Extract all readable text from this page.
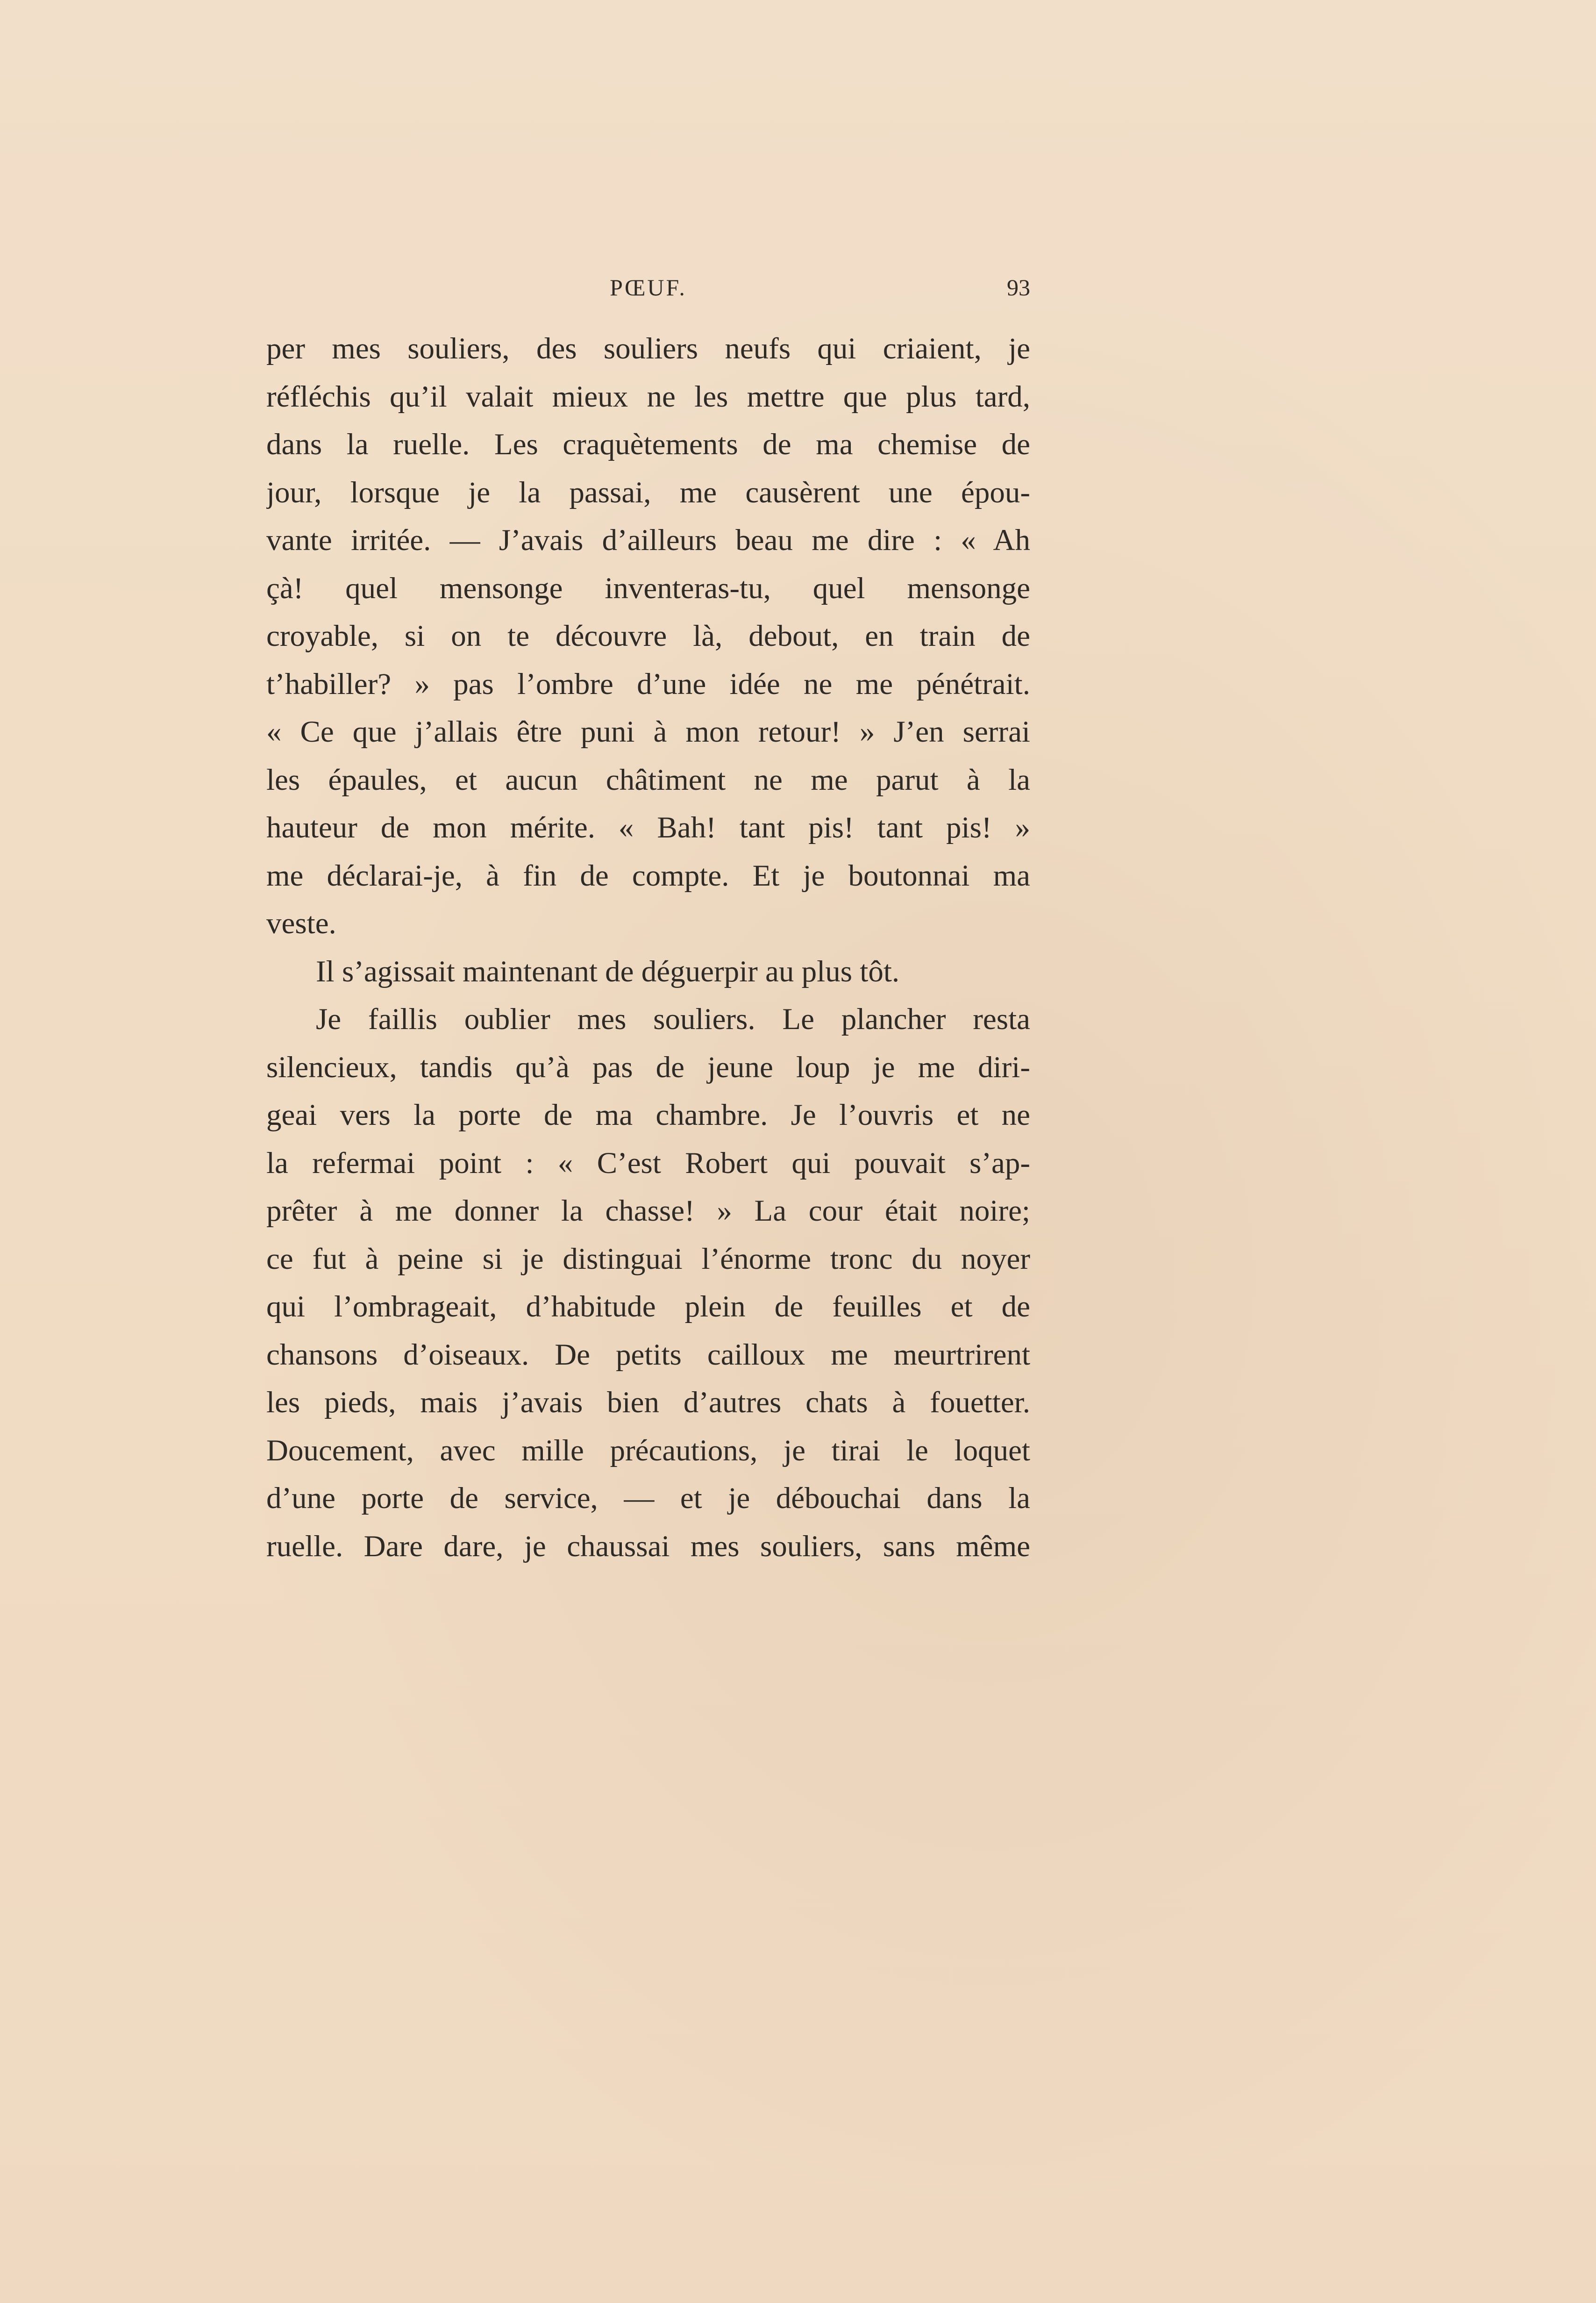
PŒUF.	93
per mes souliers, des souliers neufs qui criaient, je
réfléchis qu’il valait mieux ne les mettre que plus tard,
dans la ruelle. Les craquètements de ma chemise de
jour, lorsque je la passai, me causèrent une épou-
vante irritée. — J’avais d’ailleurs beau me dire : « Ah
çà! quel mensonge inventeras-tu, quel mensonge
croyable, si on te découvre là, debout, en train de
t’habiller? » pas l’ombre d’une idée ne me pénétrait.
« Ce que j’allais être puni à mon retour! » J’en serrai
les épaules, et aucun châtiment ne me parut à la
hauteur de mon mérite. « Bah! tant pis! tant pis! »
me déclarai-je, à fin de compte. Et je boutonnai ma
veste.
Il s’agissait maintenant de déguerpir au plus tôt.
Je faillis oublier mes souliers. Le plancher resta
silencieux, tandis qu’à pas de jeune loup je me diri-
geai vers la porte de ma chambre. Je l’ouvris et ne
la refermai point : « C’est Robert qui pouvait s’ap-
prêter à me donner la chasse! » La cour était noire;
ce fut à peine si je distinguai l’énorme tronc du noyer
qui l’ombrageait, d’habitude plein de feuilles et de
chansons d’oiseaux. De petits cailloux me meurtrirent
les pieds, mais j’avais bien d’autres chats à fouetter.
Doucement, avec mille précautions, je tirai le loquet
d’une porte de service, — et je débouchai dans la
ruelle. Dare dare, je chaussai mes souliers, sans même
